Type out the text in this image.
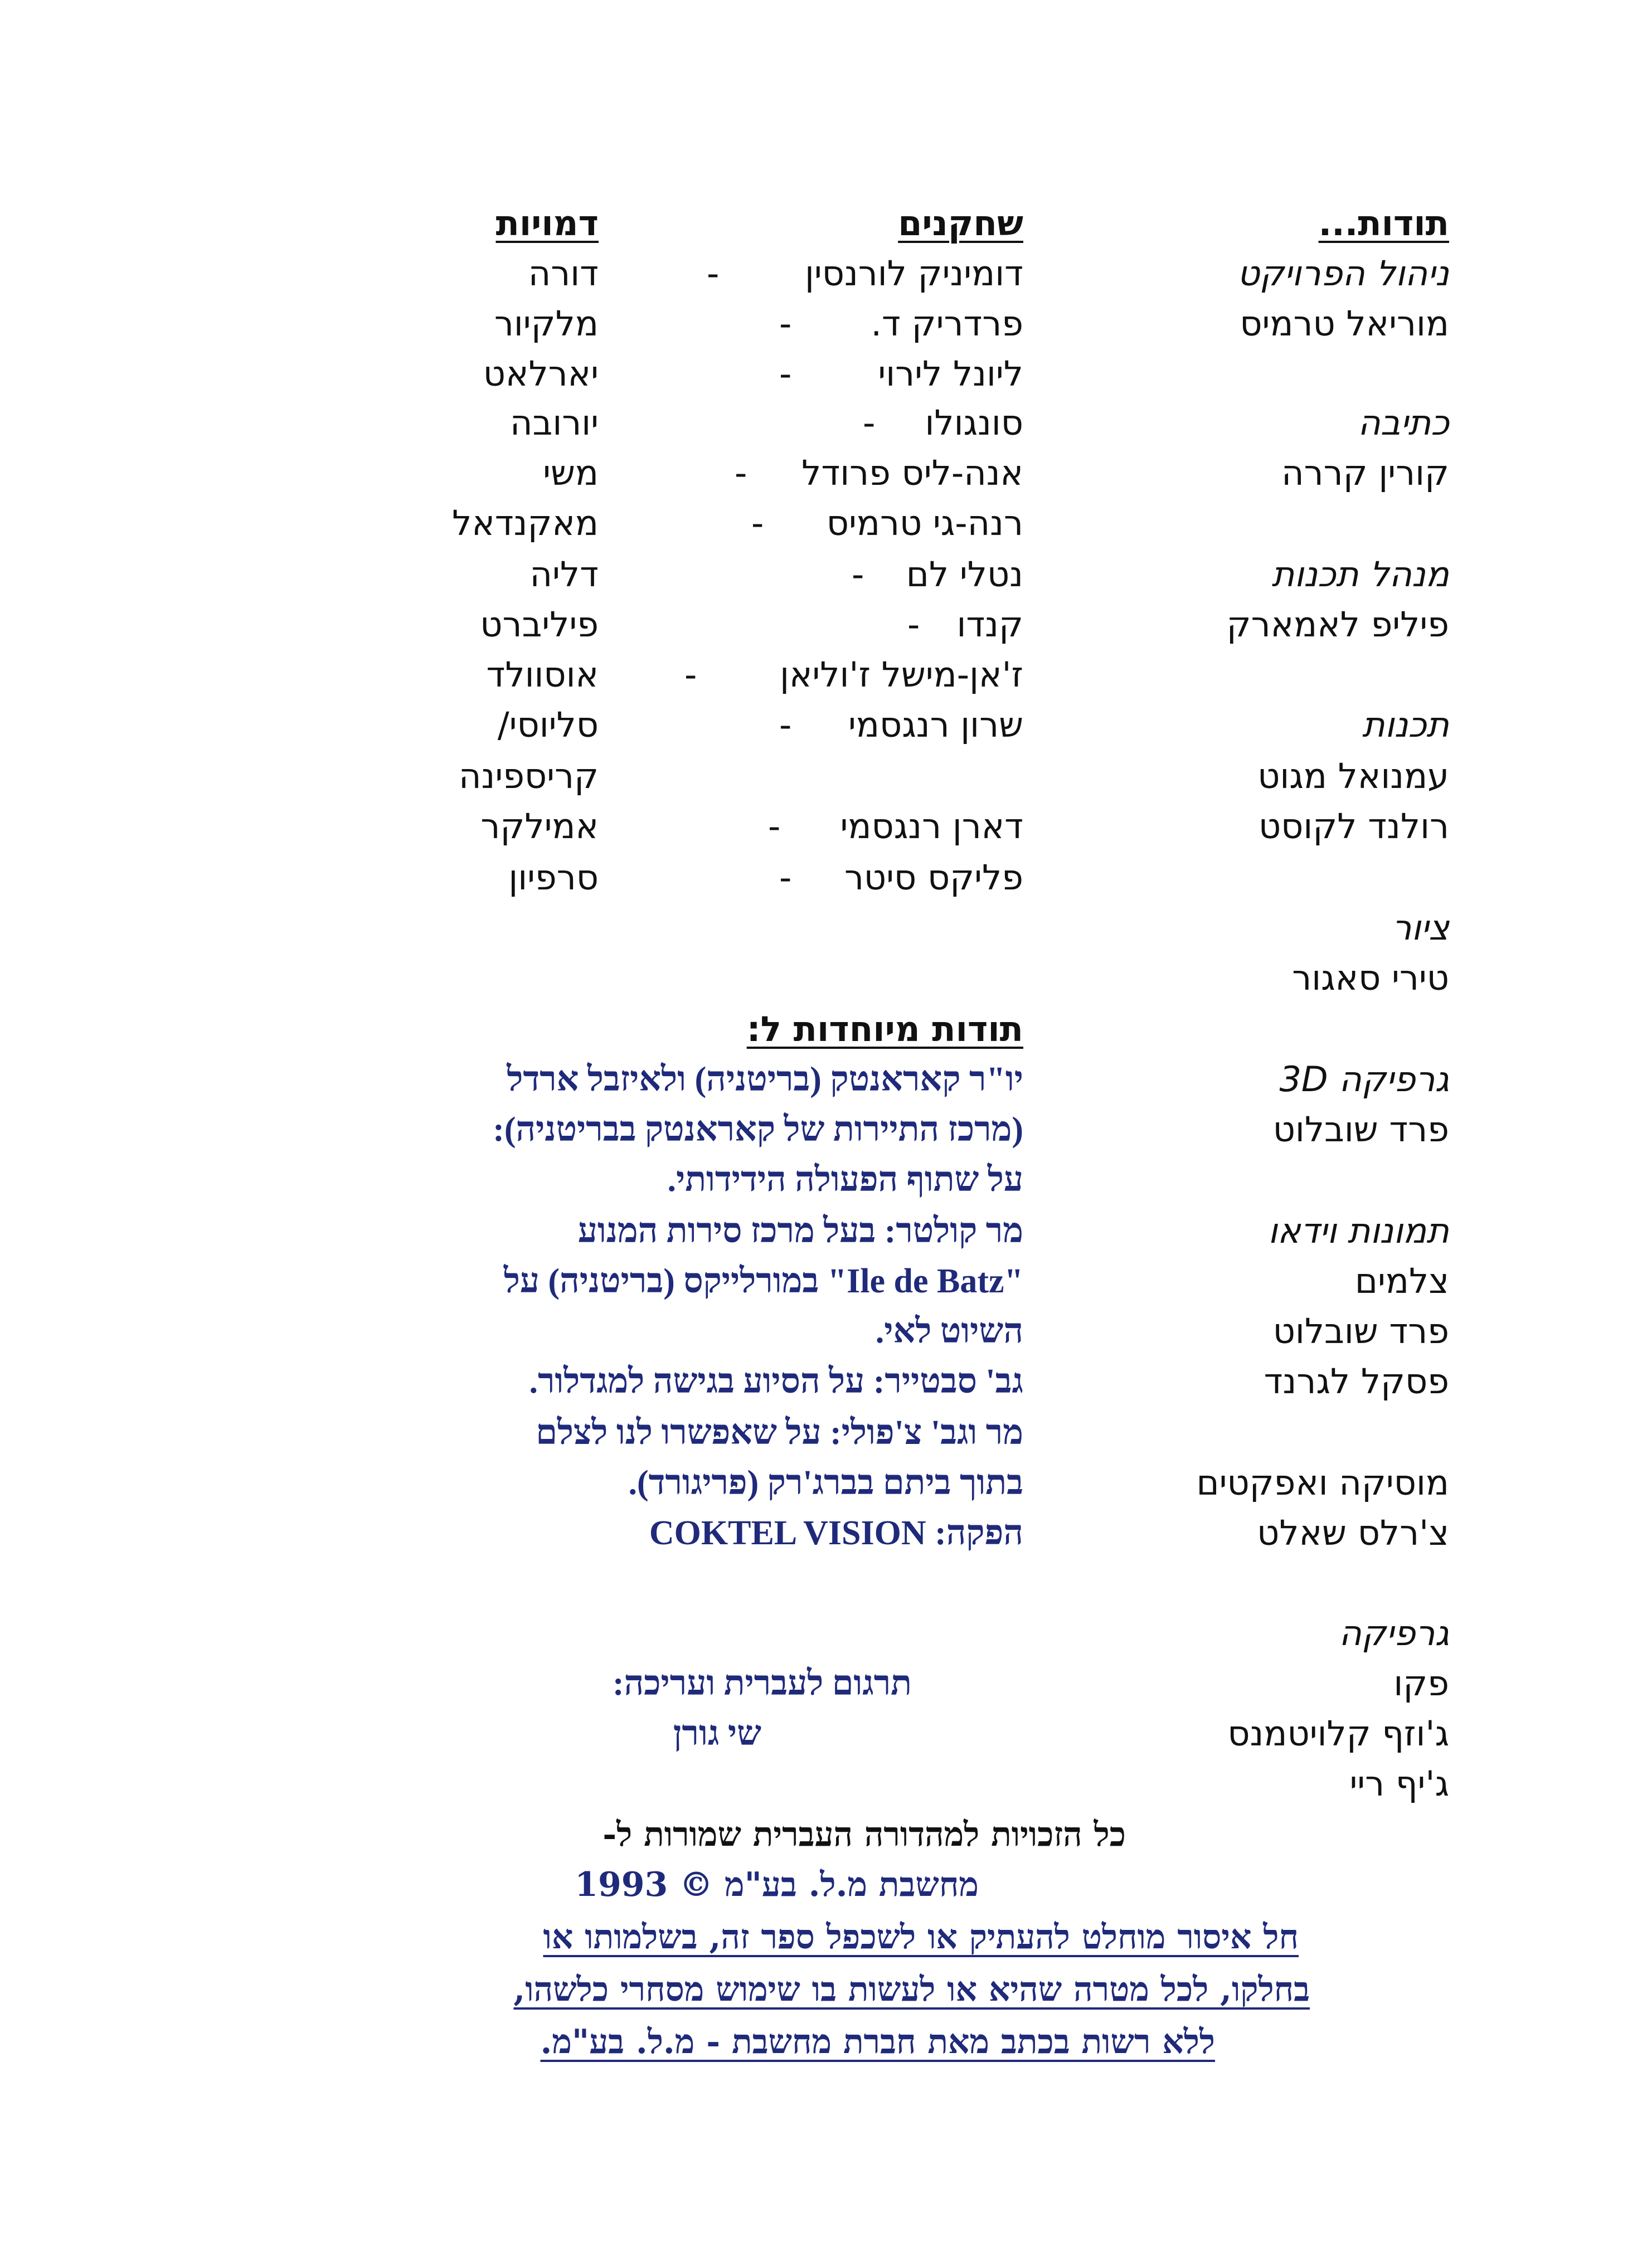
תודות...
שחקנים
דמויות
ניהול הפרויקט
מוריאל טרמיס
כתיבה
קורין קררה
מנהל תכנות
פיליפ לאמארק
תכנות
עמנואל מגוט
רולנד לקוסט
ציור
טירי סאגור
גרפיקה 3D
פרד שובלוט
תמונות וידאו
צלמים
פרד שובלוט
פסקל לגרנד
מוסיקה ואפקטים
צ'רלס שאלט
גרפיקה
פקו
ג'וזף קלויטמנס
ג'יף ריי
דומיניק לורנסין
פרדריק ד.
ליונל לירוי
סונגולו
אנה-ליס פרודל
רנה-גי טרמיס
נטלי לם
קנדו
ז'אן-מישל ז'וליאן
שרון רנגסמי
דארן רנגסמי
פליקס סיטר
-
-
-
-
-
-
-
-
-
-
-
-
דורה
מלקיור
יארלאט
יורובה
משי
מאקנדאל
דליה
פיליברט
אוסוולד
סליוסי/
קריספינה
אמילקר
סרפיון
תודות מיוחדות ל:
יו"ר קאראנטק (בריטניה) ולאיזבל ארדל
(מרכז התיירות של קאראנטק בבריטניה):
על שתוף הפעולה הידידותי.
מר קולטר: בעל מרכז סירות המנוע
"Ile de Batz" במורלייקס (בריטניה) על
השיוט לאי.
גב' סבטייר: על הסיוע בגישה למגדלור.
מר וגב' צ'פולי: על שאפשרו לנו לצלם
בתוך ביתם בברג'רק (פריגורד).
הפקה: COKTEL VISION
תרגום לעברית ועריכה:
שי גורן
כל הזכויות למהדורה העברית שמורות ל-
מחשבת מ.ל. בע"מ © 1993
חל איסור מוחלט להעתיק או לשכפל ספר זה, בשלמותו או
בחלקו, לכל מטרה שהיא או לעשות בו שימוש מסחרי כלשהו,
ללא רשות בכתב מאת חברת מחשבת - מ.ל. בע"מ.
